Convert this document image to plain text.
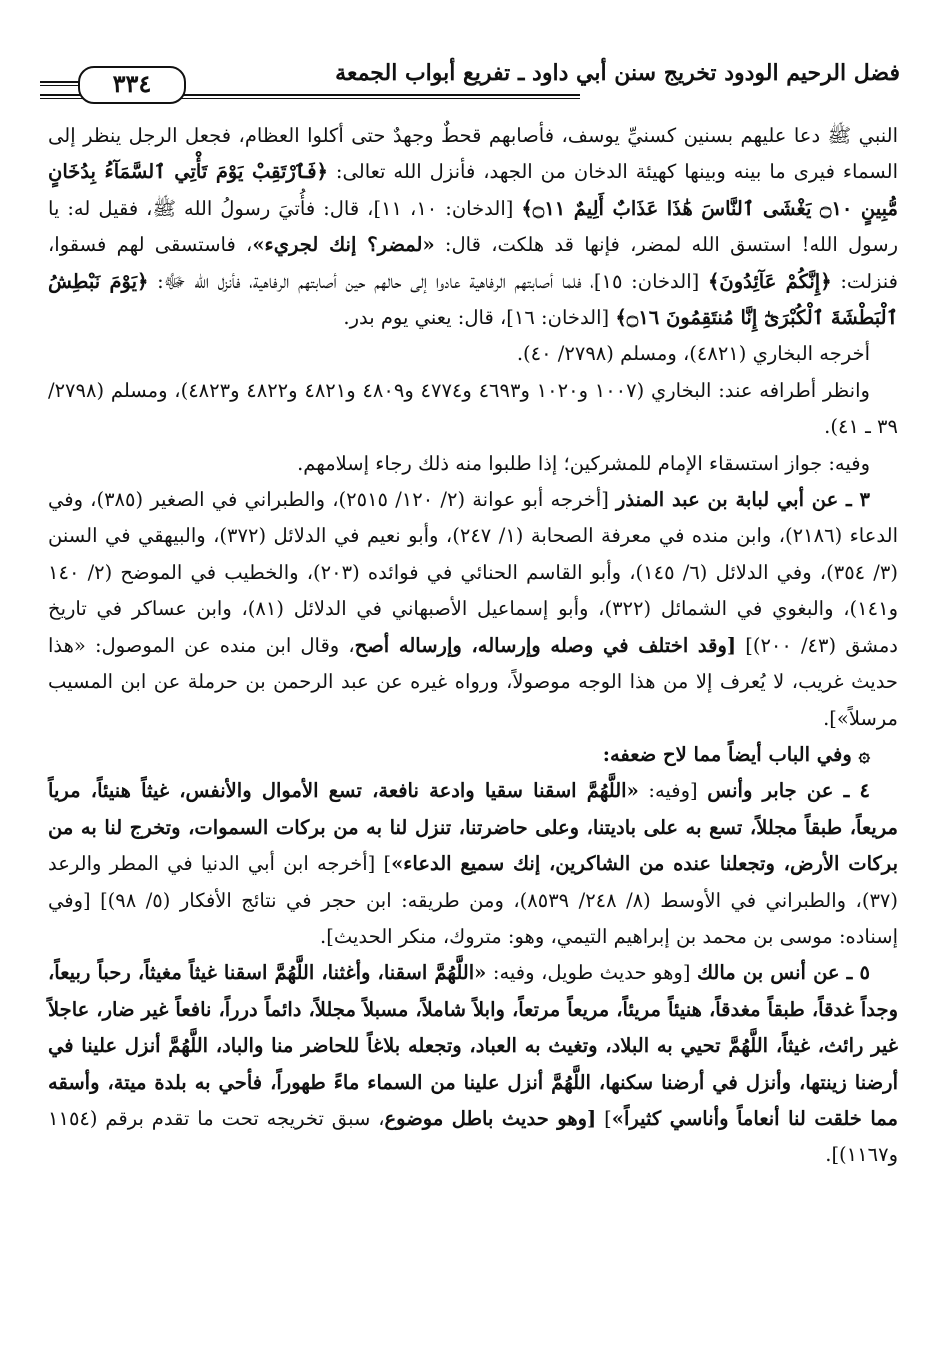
فضل الرحيم الودود تخريج سنن أبي داود ـ تفريع أبواب الجمعة
٣٣٤

النبي ﷺ دعا عليهم بسنين كسنيِّ يوسف، فأصابهم قحطٌ وجهدٌ حتى أكلوا العظام، فجعل الرجل ينظر إلى السماء فيرى ما بينه وبينها كهيئة الدخان من الجهد، فأنزل الله تعالى: ﴿فَٱرْتَقِبْ يَوْمَ تَأْتِي ٱلسَّمَآءُ بِدُخَانٍ مُّبِينٍ ۝١٠ يَغْشَى ٱلنَّاسَ هَٰذَا عَذَابٌ أَلِيمٌ ۝١١﴾ [الدخان: ١٠، ١١]، قال: فأُتيَ رسولُ الله ﷺ، فقيل له: يا رسول الله! استسق الله لمضر، فإنها قد هلكت، قال: «لمضر؟ إنك لجريء»، فاستسقى لهم فسقوا، فنزلت: ﴿إِنَّكُمْ عَآئِدُونَ﴾ [الدخان: ١٥]، فلما أصابتهم الرفاهية عادوا إلى حالهم حين أصابتهم الرفاهية، فأنزل الله ﷻ: ﴿يَوْمَ نَبْطِشُ ٱلْبَطْشَةَ ٱلْكُبْرَىٰٓ إِنَّا مُنتَقِمُونَ ۝١٦﴾ [الدخان: ١٦]، قال: يعني يوم بدر.

أخرجه البخاري (٤٨٢١)، ومسلم (٢٧٩٨/ ٤٠).

وانظر أطرافه عند: البخاري (١٠٠٧ و١٠٢٠ و٤٦٩٣ و٤٧٧٤ و٤٨٠٩ و٤٨٢١ و٤٨٢٢ و٤٨٢٣)، ومسلم (٢٧٩٨/ ٣٩ ـ ٤١).

وفيه: جواز استسقاء الإمام للمشركين؛ إذا طلبوا منه ذلك رجاء إسلامهم.

٣ ـ عن أبي لبابة بن عبد المنذر [أخرجه أبو عوانة (٢/ ١٢٠/ ٢٥١٥)، والطبراني في الصغير (٣٨٥)، وفي الدعاء (٢١٨٦)، وابن منده في معرفة الصحابة (١/ ٢٤٧)، وأبو نعيم في الدلائل (٣٧٢)، والبيهقي في السنن (٣/ ٣٥٤)، وفي الدلائل (٦/ ١٤٥)، وأبو القاسم الحنائي في فوائده (٢٠٣)، والخطيب في الموضح (٢/ ١٤٠ و١٤١)، والبغوي في الشمائل (٣٢٢)، وأبو إسماعيل الأصبهاني في الدلائل (٨١)، وابن عساكر في تاريخ دمشق (٤٣/ ٢٠٠)] [وقد اختلف في وصله وإرساله، وإرساله أصح، وقال ابن منده عن الموصول: «هذا حديث غريب، لا يُعرف إلا من هذا الوجه موصولاً، ورواه غيره عن عبد الرحمن بن حرملة عن ابن المسيب مرسلاً»].

۞ وفي الباب أيضاً مما لاح ضعفه:

٤ ـ عن جابر وأنس [وفيه: «اللَّهُمَّ اسقنا سقيا وادعة نافعة، تسع الأموال والأنفس، غيثاً هنيئاً، مرياً مريعاً، طبقاً مجللاً، تسع به على باديتنا، وعلى حاضرتنا، تنزل لنا به من بركات السموات، وتخرج لنا به من بركات الأرض، وتجعلنا عنده من الشاكرين، إنك سميع الدعاء»] [أخرجه ابن أبي الدنيا في المطر والرعد (٣٧)، والطبراني في الأوسط (٨/ ٢٤٨/ ٨٥٣٩)، ومن طريقه: ابن حجر في نتائج الأفكار (٥/ ٩٨)] [وفي إسناده: موسى بن محمد بن إبراهيم التيمي، وهو: متروك، منكر الحديث].

٥ ـ عن أنس بن مالك [وهو حديث طويل، وفيه: «اللَّهُمَّ اسقنا، وأغثنا، اللَّهُمَّ اسقنا غيثاً مغيثاً، رحباً ربيعاً، وجداً غدقاً، طبقاً مغدقاً، هنيئاً مريئاً، مريعاً مرتعاً، وابلاً شاملاً، مسبلاً مجللاً، دائماً درراً، نافعاً غير ضار، عاجلاً غير رائث، غيثاً، اللَّهُمَّ تحيي به البلاد، وتغيث به العباد، وتجعله بلاغاً للحاضر منا والباد، اللَّهُمَّ أنزل علينا في أرضنا زينتها، وأنزل في أرضنا سكنها، اللَّهُمَّ أنزل علينا من السماء ماءً طهوراً، فأحي به بلدة ميتة، وأسقه مما خلقت لنا أنعاماً وأناسي كثيراً»] [وهو حديث باطل موضوع، سبق تخريجه تحت ما تقدم برقم (١١٥٤ و١١٦٧)].
